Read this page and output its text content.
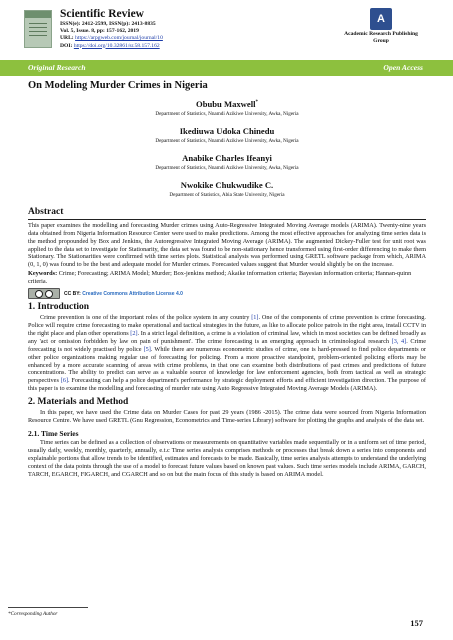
Scientific Review
ISSN(e): 2412-2599, ISSN(p): 2413-8835
Vol. 5, Issue. 8, pp: 157-162, 2019
URL: https://arpgweb.com/journal/journal/10
DOI: https://doi.org/10.32861/sr.58.157.162
A
Academic Research Publishing
Group
Original Research	Open Access
On Modeling Murder Crimes in Nigeria
Obubu Maxwell*
Department of Statistics, Nnamdi Azikiwe University, Awka, Nigeria
Ikediuwa Udoka Chinedu
Department of Statistics, Nnamdi Azikiwe University, Awka, Nigeria
Anabike Charles Ifeanyi
Department of Statistics, Nnamdi Azikiwe University, Awka, Nigeria
Nwokike Chukwudike C.
Department of Statistics, Abia State University, Nigeria
Abstract

This paper examines the modelling and forecasting Murder crimes using Auto-Regressive Integrated Moving Average models (ARIMA). Twenty-nine years data obtained from Nigeria Information Resource Center were used to make predictions. Among the most effective approaches for analyzing time series data is the method propounded by Box and Jenkins, the Autoregressive Integrated Moving Average (ARIMA). The augmented Dickey-Fuller test for unit root was applied to the data set to investigate for Stationarity, the data set was found to be non-stationary hence transformed using first-order differencing to make them Stationary. The Stationarities were confirmed with time series plots. Statistical analysis was performed using GRETL software package from which, ARIMA (0, 1, 0) was found to be the best and adequate model for Murder crimes. Forecasted values suggest that Murder would slightly be on the increase.

Keywords: Crime; Forecasting; ARIMA Model; Murder; Box-jenkins method; Akaike information criteria; Bayesian information criteria; Hannan-quinn criteria.
CC BY: Creative Commons Attribution License 4.0
1. Introduction

Crime prevention is one of the important roles of the police system in any country [1]. One of the components of crime prevention is crime forecasting. Police will require crime forecasting to make operational and tactical strategies in the future, as like to allocate police patrols in the right area, install CCTV in the right place and plan other operations [2]. In a strict legal definition, a crime is a violation of criminal law, which in most societies can be defined broadly as any 'act or omission forbidden by law on pain of punishment'. The crime forecasting is an emerging approach in criminological research [3, 4]. Crime forecasting is not widely practised by police [5]. While there are numerous econometric studies of crime, one is hard-pressed to find police departments or other police organizations making regular use of forecasting for policing. From a more proactive standpoint, problem-oriented policing efforts may be enhanced by a more accurate scanning of areas with crime problems, in that one can examine both distributions of past crimes and predictions of future concentrations. The ability to predict can serve as a valuable source of knowledge for law enforcement agencies, both from tactical as well as strategic perspectives [6]. Forecasting can help a police department's performance by strategic deployment efforts and efficient investigation direction. The purpose of this paper is to examine the modelling and forecasting of murder rate using Auto Regressive Integrated Moving Average Models (ARIMA).

2. Materials and Method

In this paper, we have used the Crime data on Murder Cases for past 29 years (1986 -2015). The crime data were sourced from Nigeria Information Resource Centre. We have used GRETL (Gnu Regression, Econometrics and Time-series Library) software for plotting the graphs and analysis of the data set.

2.1. Time Series

Time series can be defined as a collection of observations or measurements on quantitative variables made sequentially or in a uniform set of time period, usually daily, weekly, monthly, quarterly, annually, e.t.c Time series analysis comprises methods or processes that break down a series into components and explainable portions that allow trends to be identified, estimates and forecasts to be made. Basically, time series analysis attempts to understand the underlying context of the data points through the use of a model to forecast future values based on known past values. Such time series models include ARIMA, GARCH, TARCH, EGARCH, FIGARCH, and CGARCH and so on but the main focus of this study is based on ARIMA model.

*Corresponding Author
157
